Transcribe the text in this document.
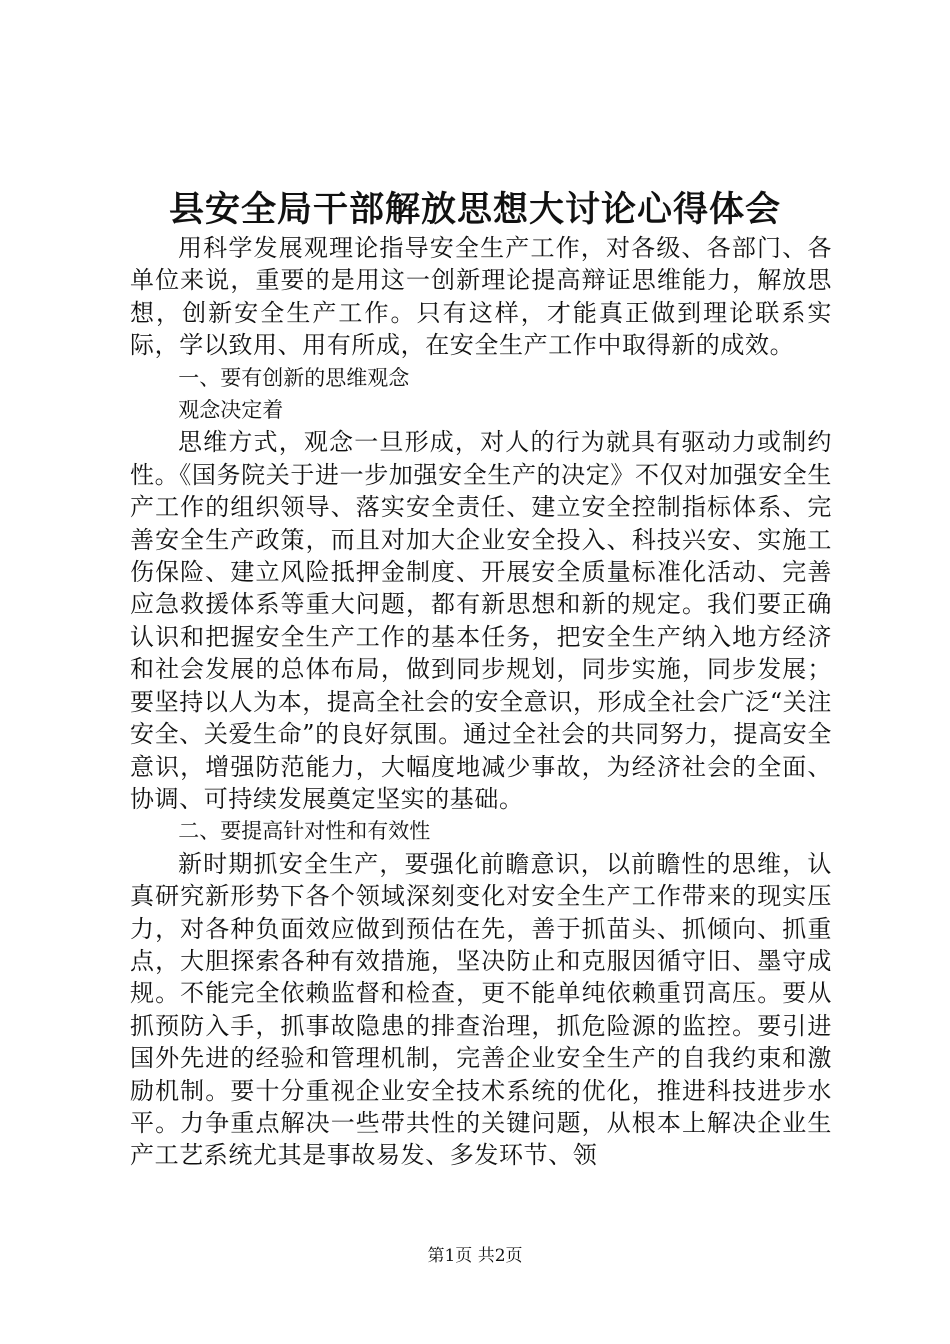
县安全局干部解放思想大讨论心得体会

用科学发展观理论指导安全生产工作，对各级、各部门、各单位来说，重要的是用这一创新理论提高辩证思维能力，解放思想，创新安全生产工作。只有这样，才能真正做到理论联系实际，学以致用、用有所成，在安全生产工作中取得新的成效。

一、要有创新的思维观念

观念决定着

思维方式，观念一旦形成，对人的行为就具有驱动力或制约性。《国务院关于进一步加强安全生产的决定》不仅对加强安全生产工作的组织领导、落实安全责任、建立安全控制指标体系、完善安全生产政策，而且对加大企业安全投入、科技兴安、实施工伤保险、建立风险抵押金制度、开展安全质量标准化活动、完善应急救援体系等重大问题，都有新思想和新的规定。我们要正确认识和把握安全生产工作的基本任务，把安全生产纳入地方经济和社会发展的总体布局，做到同步规划，同步实施，同步发展；要坚持以人为本，提高全社会的安全意识，形成全社会广泛“关注安全、关爱生命”的良好氛围。通过全社会的共同努力，提高安全意识，增强防范能力，大幅度地减少事故，为经济社会的全面、协调、可持续发展奠定坚实的基础。

二、要提高针对性和有效性

新时期抓安全生产，要强化前瞻意识，以前瞻性的思维，认真研究新形势下各个领域深刻变化对安全生产工作带来的现实压力，对各种负面效应做到预估在先，善于抓苗头、抓倾向、抓重点，大胆探索各种有效措施，坚决防止和克服因循守旧、墨守成规。不能完全依赖监督和检查，更不能单纯依赖重罚高压。要从抓预防入手，抓事故隐患的排查治理，抓危险源的监控。要引进国外先进的经验和管理机制，完善企业安全生产的自我约束和激励机制。要十分重视企业安全技术系统的优化，推进科技进步水平。力争重点解决一些带共性的关键问题，从根本上解决企业生产工艺系统尤其是事故易发、多发环节、领

第1页 共2页
